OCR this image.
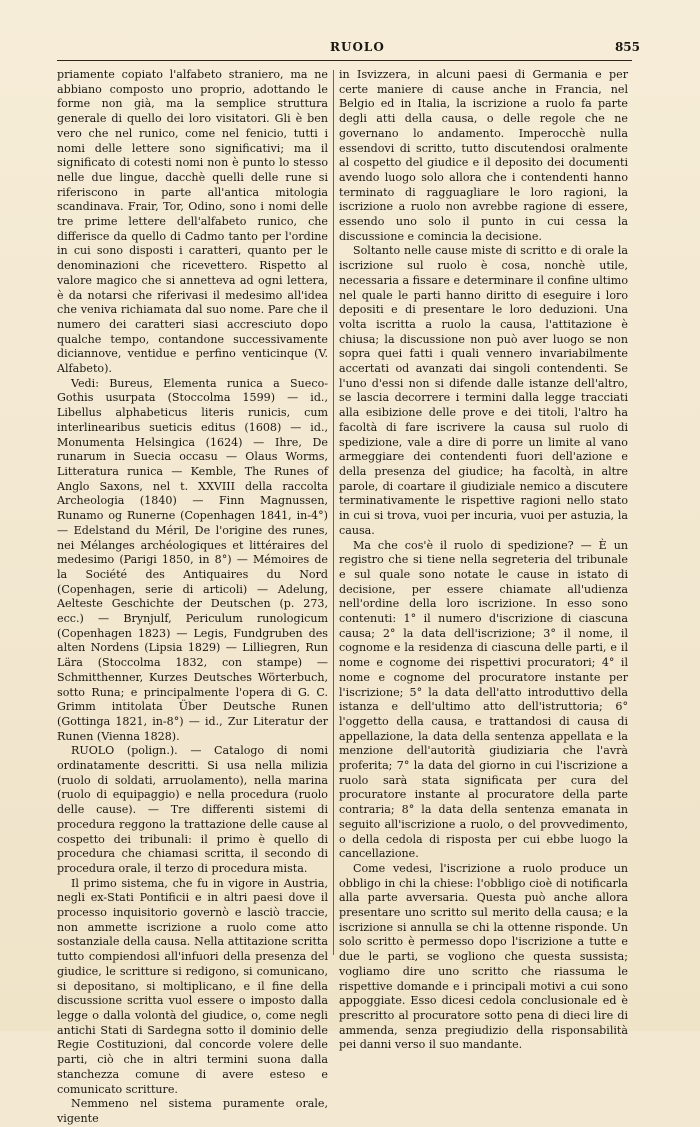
RUOLO	855

priamente copiato l'alfabeto straniero, ma ne abbiano composto uno proprio, adottando le forme non già, ma la semplice struttura generale di quello dei loro visitatori. Gli è ben vero che nel runico, come nel fenicio, tutti i nomi delle lettere sono significativi; ma il significato di cotesti nomi non è punto lo stesso nelle due lingue, dacchè quelli delle rune si riferiscono in parte all'antica mitologia scandinava. Frair, Tor, Odino, sono i nomi delle tre prime lettere dell'alfabeto runico, che differisce da quello di Cadmo tanto per l'ordine in cui sono disposti i caratteri, quanto per le denominazioni che ricevettero. Rispetto al valore magico che si annetteva ad ogni lettera, è da notarsi che riferivasi il medesimo all'idea che veniva richiamata dal suo nome. Pare che il numero dei caratteri siasi accresciuto dopo qualche tempo, contandone successivamente diciannove, ventidue e perfino venticinque (V. Alfabeto).

Vedi: Bureus, Elementa runica a Sueco-Gothis usurpata (Stoccolma 1599) — id., Libellus alphabeticus literis runicis, cum interlinearibus sueticis editus (1608) — id., Monumenta Helsingica (1624) — Ihre, De runarum in Suecia occasu — Olaus Worms, Litteratura runica — Kemble, The Runes of Anglo Saxons, nel t. XXVIII della raccolta Archeologia (1840) — Finn Magnussen, Runamo og Runerne (Copenhagen 1841, in-4°) — Edelstand du Méril, De l'origine des runes, nei Mélanges archéologiques et littéraires del medesimo (Parigi 1850, in 8°) — Mémoires de la Société des Antiquaires du Nord (Copenhagen, serie di articoli) — Adelung, Aelteste Geschichte der Deutschen (p. 273, ecc.) — Brynjulf, Periculum runologicum (Copenhagen 1823) — Legis, Fundgruben des alten Nordens (Lipsia 1829) — Lilliegren, Run Lära (Stoccolma 1832, con stampe) — Schmitthenner, Kurzes Deutsches Wörterbuch, sotto Runa; e principalmente l'opera di G. C. Grimm intitolata Über Deutsche Runen (Gottinga 1821, in-8°) — id., Zur Literatur der Runen (Vienna 1828).

RUOLO (polign.). — Catalogo di nomi ordinatamente descritti. Si usa nella milizia (ruolo di soldati, arruolamento), nella marina (ruolo di equipaggio) e nella procedura (ruolo delle cause). — Tre differenti sistemi di procedura reggono la trattazione delle cause al cospetto dei tribunali: il primo è quello di procedura che chiamasi scritta, il secondo di procedura orale, il terzo di procedura mista.

Il primo sistema, che fu in vigore in Austria, negli ex-Stati Pontificii e in altri paesi dove il processo inquisitorio governò e lasciò traccie, non ammette iscrizione a ruolo come atto sostanziale della causa. Nella attitazione scritta tutto compiendosi all'infuori della presenza del giudice, le scritture si redigono, si comunicano, si depositano, si moltiplicano, e il fine della discussione scritta vuol essere o imposto dalla legge o dalla volontà del giudice, o, come negli antichi Stati di Sardegna sotto il dominio delle Regie Costituzioni, dal concorde volere delle parti, ciò che in altri termini suona dalla stanchezza comune di avere esteso e comunicato scritture.

Nemmeno nel sistema puramente orale, vigente

in Isvizzera, in alcuni paesi di Germania e per certe maniere di cause anche in Francia, nel Belgio ed in Italia, la iscrizione a ruolo fa parte degli atti della causa, o delle regole che ne governano lo andamento. Imperocchè nulla essendovi di scritto, tutto discutendosi oralmente al cospetto del giudice e il deposito dei documenti avendo luogo solo allora che i contendenti hanno terminato di ragguagliare le loro ragioni, la iscrizione a ruolo non avrebbe ragione di essere, essendo uno solo il punto in cui cessa la discussione e comincia la decisione.

Soltanto nelle cause miste di scritto e di orale la iscrizione sul ruolo è cosa, nonchè utile, necessaria a fissare e determinare il confine ultimo nel quale le parti hanno diritto di eseguire i loro depositi e di presentare le loro deduzioni. Una volta iscritta a ruolo la causa, l'attitazione è chiusa; la discussione non può aver luogo se non sopra quei fatti i quali vennero invariabilmente accertati od avanzati dai singoli contendenti. Se l'uno d'essi non si difende dalle istanze dell'altro, se lascia decorrere i termini dalla legge tracciati alla esibizione delle prove e dei titoli, l'altro ha facoltà di fare iscrivere la causa sul ruolo di spedizione, vale a dire di porre un limite al vano armeggiare dei contendenti fuori dell'azione e della presenza del giudice; ha facoltà, in altre parole, di coartare il giudiziale nemico a discutere terminativamente le rispettive ragioni nello stato in cui si trova, vuoi per incuria, vuoi per astuzia, la causa.

Ma che cos'è il ruolo di spedizione? — È un registro che si tiene nella segreteria del tribunale e sul quale sono notate le cause in istato di decisione, per essere chiamate all'udienza nell'ordine della loro iscrizione. In esso sono contenuti: 1° il numero d'iscrizione di ciascuna causa; 2° la data dell'iscrizione; 3° il nome, il cognome e la residenza di ciascuna delle parti, e il nome e cognome dei rispettivi procuratori; 4° il nome e cognome del procuratore instante per l'iscrizione; 5° la data dell'atto introduttivo della istanza e dell'ultimo atto dell'istruttoria; 6° l'oggetto della causa, e trattandosi di causa di appellazione, la data della sentenza appellata e la menzione dell'autorità giudiziaria che l'avrà proferita; 7° la data del giorno in cui l'iscrizione a ruolo sarà stata significata per cura del procuratore instante al procuratore della parte contraria; 8° la data della sentenza emanata in seguito all'iscrizione a ruolo, o del provvedimento, o della cedola di risposta per cui ebbe luogo la cancellazione.

Come vedesi, l'iscrizione a ruolo produce un obbligo in chi la chiese: l'obbligo cioè di notificarla alla parte avversaria. Questa può anche allora presentare uno scritto sul merito della causa; e la iscrizione si annulla se chi la ottenne risponde. Un solo scritto è permesso dopo l'iscrizione a tutte e due le parti, se vogliono che questa sussista; vogliamo dire uno scritto che riassuma le rispettive domande e i principali motivi a cui sono appoggiate. Esso dicesi cedola conclusionale ed è prescritto al procuratore sotto pena di dieci lire di ammenda, senza pregiudizio della risponsabilità pei danni verso il suo mandante.
